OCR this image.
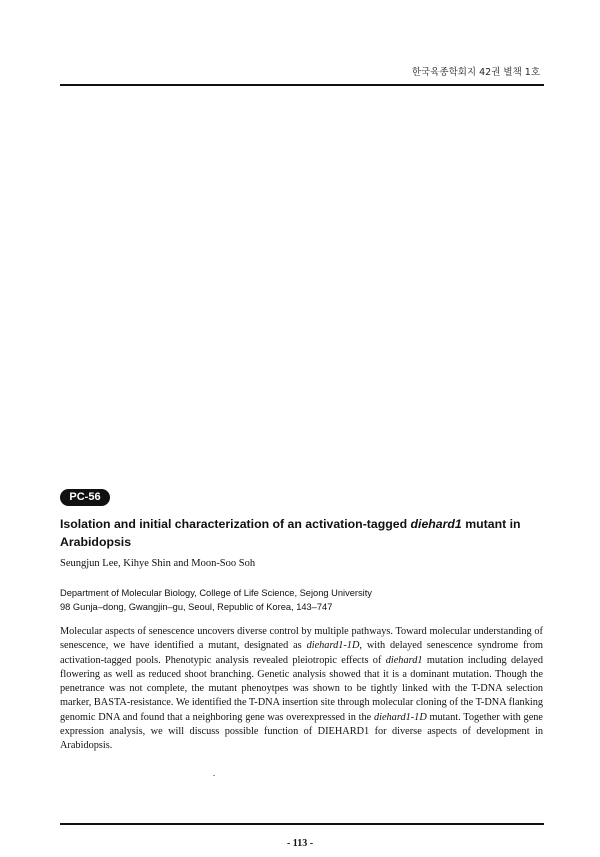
한국육종학회지 42권 별책 1호
PC-56
Isolation and initial characterization of an activation-tagged diehard1 mutant in Arabidopsis
Seungjun Lee, Kihye Shin and Moon-Soo Soh
Department of Molecular Biology, College of Life Science, Sejong University
98 Gunja–dong, Gwangjin–gu, Seoul, Republic of Korea, 143–747

Molecular aspects of senescence uncovers diverse control by multiple pathways. Toward molecular understanding of senescence, we have identified a mutant, designated as diehard1-1D, with delayed senescence syndrome from activation-tagged pools. Phenotypic analysis revealed pleiotropic effects of diehard1 mutation including delayed flowering as well as reduced shoot branching. Genetic analysis showed that it is a dominant mutation. Though the penetrance was not complete, the mutant phenoytpes was shown to be tightly linked with the T-DNA selection marker, BASTA-resistance. We identified the T-DNA insertion site through molecular cloning of the T-DNA flanking genomic DNA and found that a neighboring gene was overexpressed in the diehard1-1D mutant. Together with gene expression analysis, we will discuss possible function of DIEHARD1 for diverse aspects of development in Arabidopsis.

- 113 -
